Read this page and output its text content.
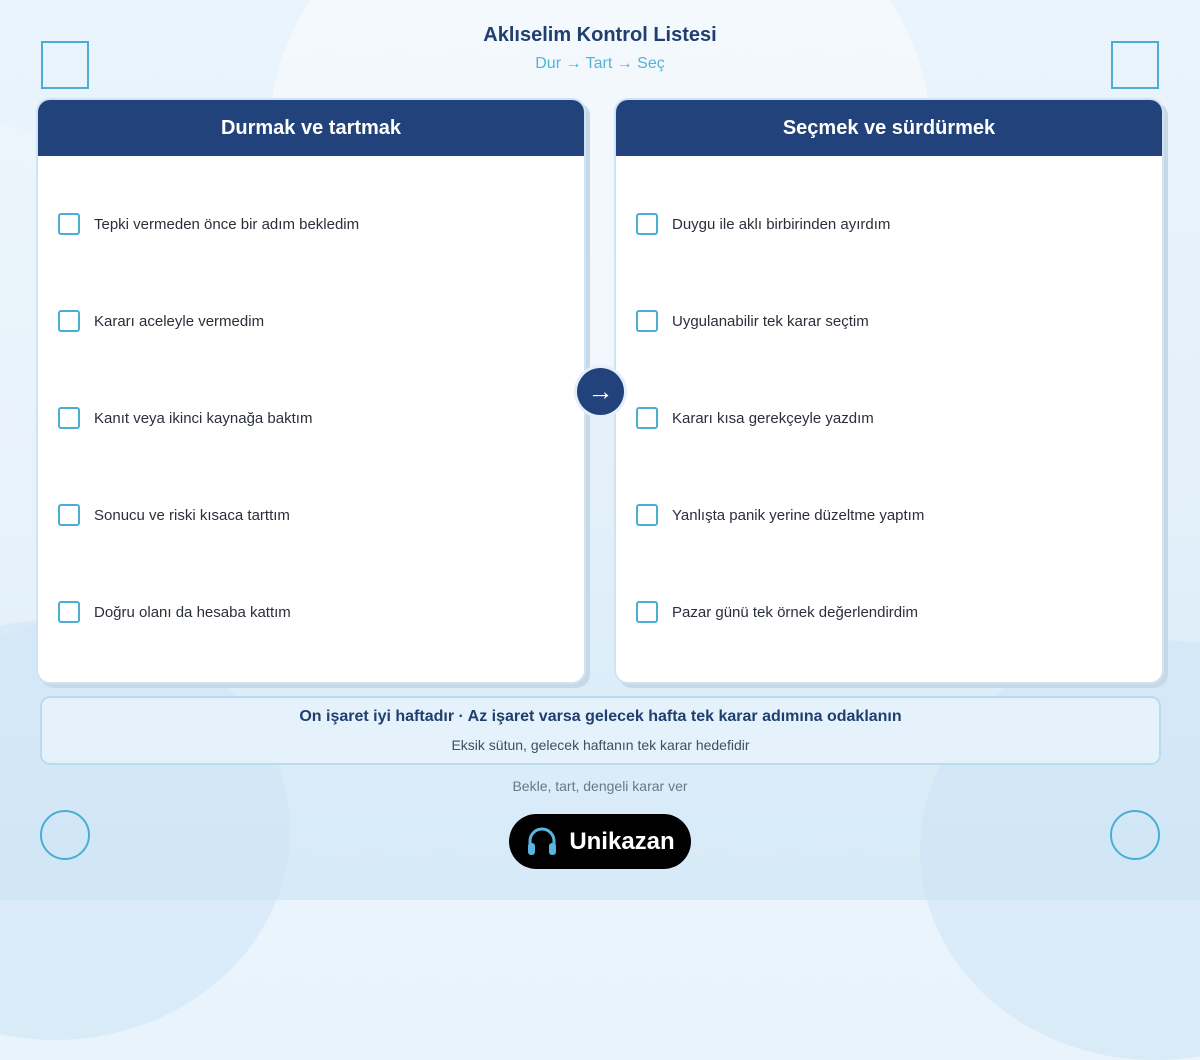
Aklıselim Kontrol Listesi
Dur → Tart → Seç
Durmak ve tartmak
Tepki vermeden önce bir adım bekledim
Kararı aceleyle vermedim
Kanıt veya ikinci kaynağa baktım
Sonucu ve riski kısaca tarttım
Doğru olanı da hesaba kattım
Seçmek ve sürdürmek
Duygu ile aklı birbirinden ayırdım
Uygulanabilir tek karar seçtim
Kararı kısa gerekçeyle yazdım
Yanlışta panik yerine düzeltme yaptım
Pazar günü tek örnek değerlendirdim
→
On işaret iyi haftadır · Az işaret varsa gelecek hafta tek karar adımına odaklanın
Eksik sütun, gelecek haftanın tek karar hedefidir
Bekle, tart, dengeli karar ver
Unikazan
